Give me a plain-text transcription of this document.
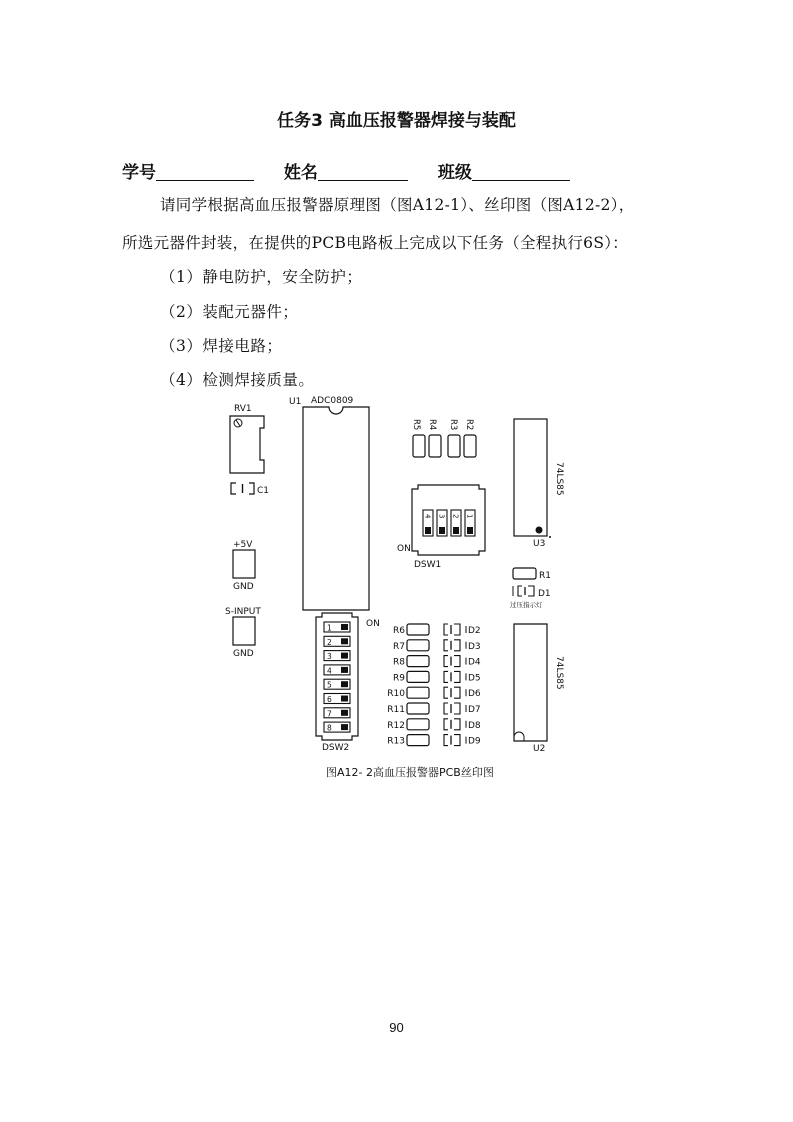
任务3 高血压报警器焊接与装配
学号	姓名	班级
请同学根据高血压报警器原理图（图A12-1）、丝印图（图A12-2），
所选元器件封装，在提供的PCB电路板上完成以下任务（全程执行6S）：
（1）静电防护，安全防护；
（2）装配元器件；
（3）焊接电路；
（4）检测焊接质量。
RV1
C1
+5V
GND
S-INPUT
GND
U1 ADC0809
R5 R4 R3 R2
4 3 2 1
ON
DSW1
74LS85
U3
R1
D1
过压指示灯
74LS85
U2
1
2
3
4
5
6
7
8
ON
DSW2
R6	D2
R7	D3
R8	D4
R9	D5
R10	D6
R11	D7
R12	D8
R13	D9
图A12- 2高血压报警器PCB丝印图
90
